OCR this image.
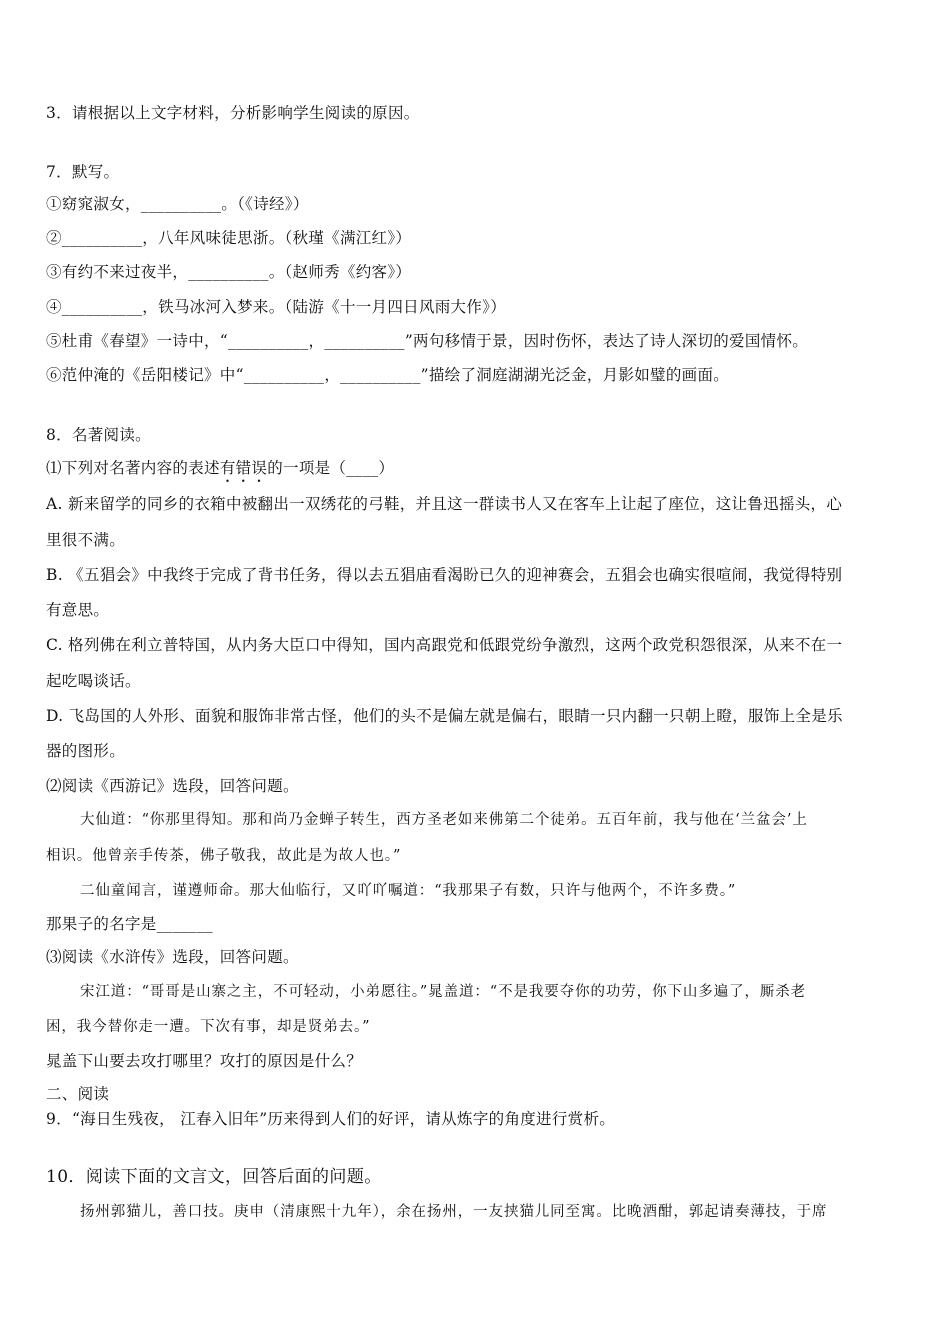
3．请根据以上文字材料，分析影响学生阅读的原因。

7．默写。

①窈窕淑女，__________。（《诗经》）

②__________，八年风味徒思浙。（秋瑾《满江红》）

③有约不来过夜半，__________。（赵师秀《约客》）

④__________，铁马冰河入梦来。（陆游《十一月四日风雨大作》）

⑤杜甫《春望》一诗中，“__________，__________”两句移情于景，因时伤怀，表达了诗人深切的爱国情怀。

⑥范仲淹的《岳阳楼记》中“__________，__________”描绘了洞庭湖湖光泛金，月影如璧的画面。

8．名著阅读。

⑴下列对名著内容的表述有错误的一项是（____）

A. 新来留学的同乡的衣箱中被翻出一双绣花的弓鞋，并且这一群读书人又在客车上让起了座位，这让鲁迅摇头，心

里很不满。

B. 《五猖会》中我终于完成了背书任务，得以去五猖庙看渴盼已久的迎神赛会，五猖会也确实很喧闹，我觉得特别

有意思。

C. 格列佛在利立普特国，从内务大臣口中得知，国内高跟党和低跟党纷争激烈，这两个政党积怨很深，从来不在一

起吃喝谈话。

D. 飞岛国的人外形、面貌和服饰非常古怪，他们的头不是偏左就是偏右，眼睛一只内翻一只朝上瞪，服饰上全是乐

器的图形。

⑵阅读《西游记》选段，回答问题。

大仙道：“你那里得知。那和尚乃金蝉子转生，西方圣老如来佛第二个徒弟。五百年前，我与他在‘兰盆会’上

相识。他曾亲手传茶，佛子敬我，故此是为故人也。”

二仙童闻言，谨遵师命。那大仙临行，又吖吖嘱道：“我那果子有数，只许与他两个，不许多费。”

那果子的名字是_______

⑶阅读《水浒传》选段，回答问题。

宋江道：“哥哥是山寨之主，不可轻动，小弟愿往。”晁盖道：“不是我要夺你的功劳，你下山多遍了，厮杀老

困，我今替你走一遭。下次有事，却是贤弟去。”

晁盖下山要去攻打哪里？攻打的原因是什么？

二、阅读

9．“海日生残夜， 江春入旧年”历来得到人们的好评，请从炼字的角度进行赏析。

10．阅读下面的文言文，回答后面的问题。

扬州郭猫儿，善口技。庚申（清康熙十九年），余在扬州，一友挟猫儿同至寓。比晚酒酣，郭起请奏薄技，于席
